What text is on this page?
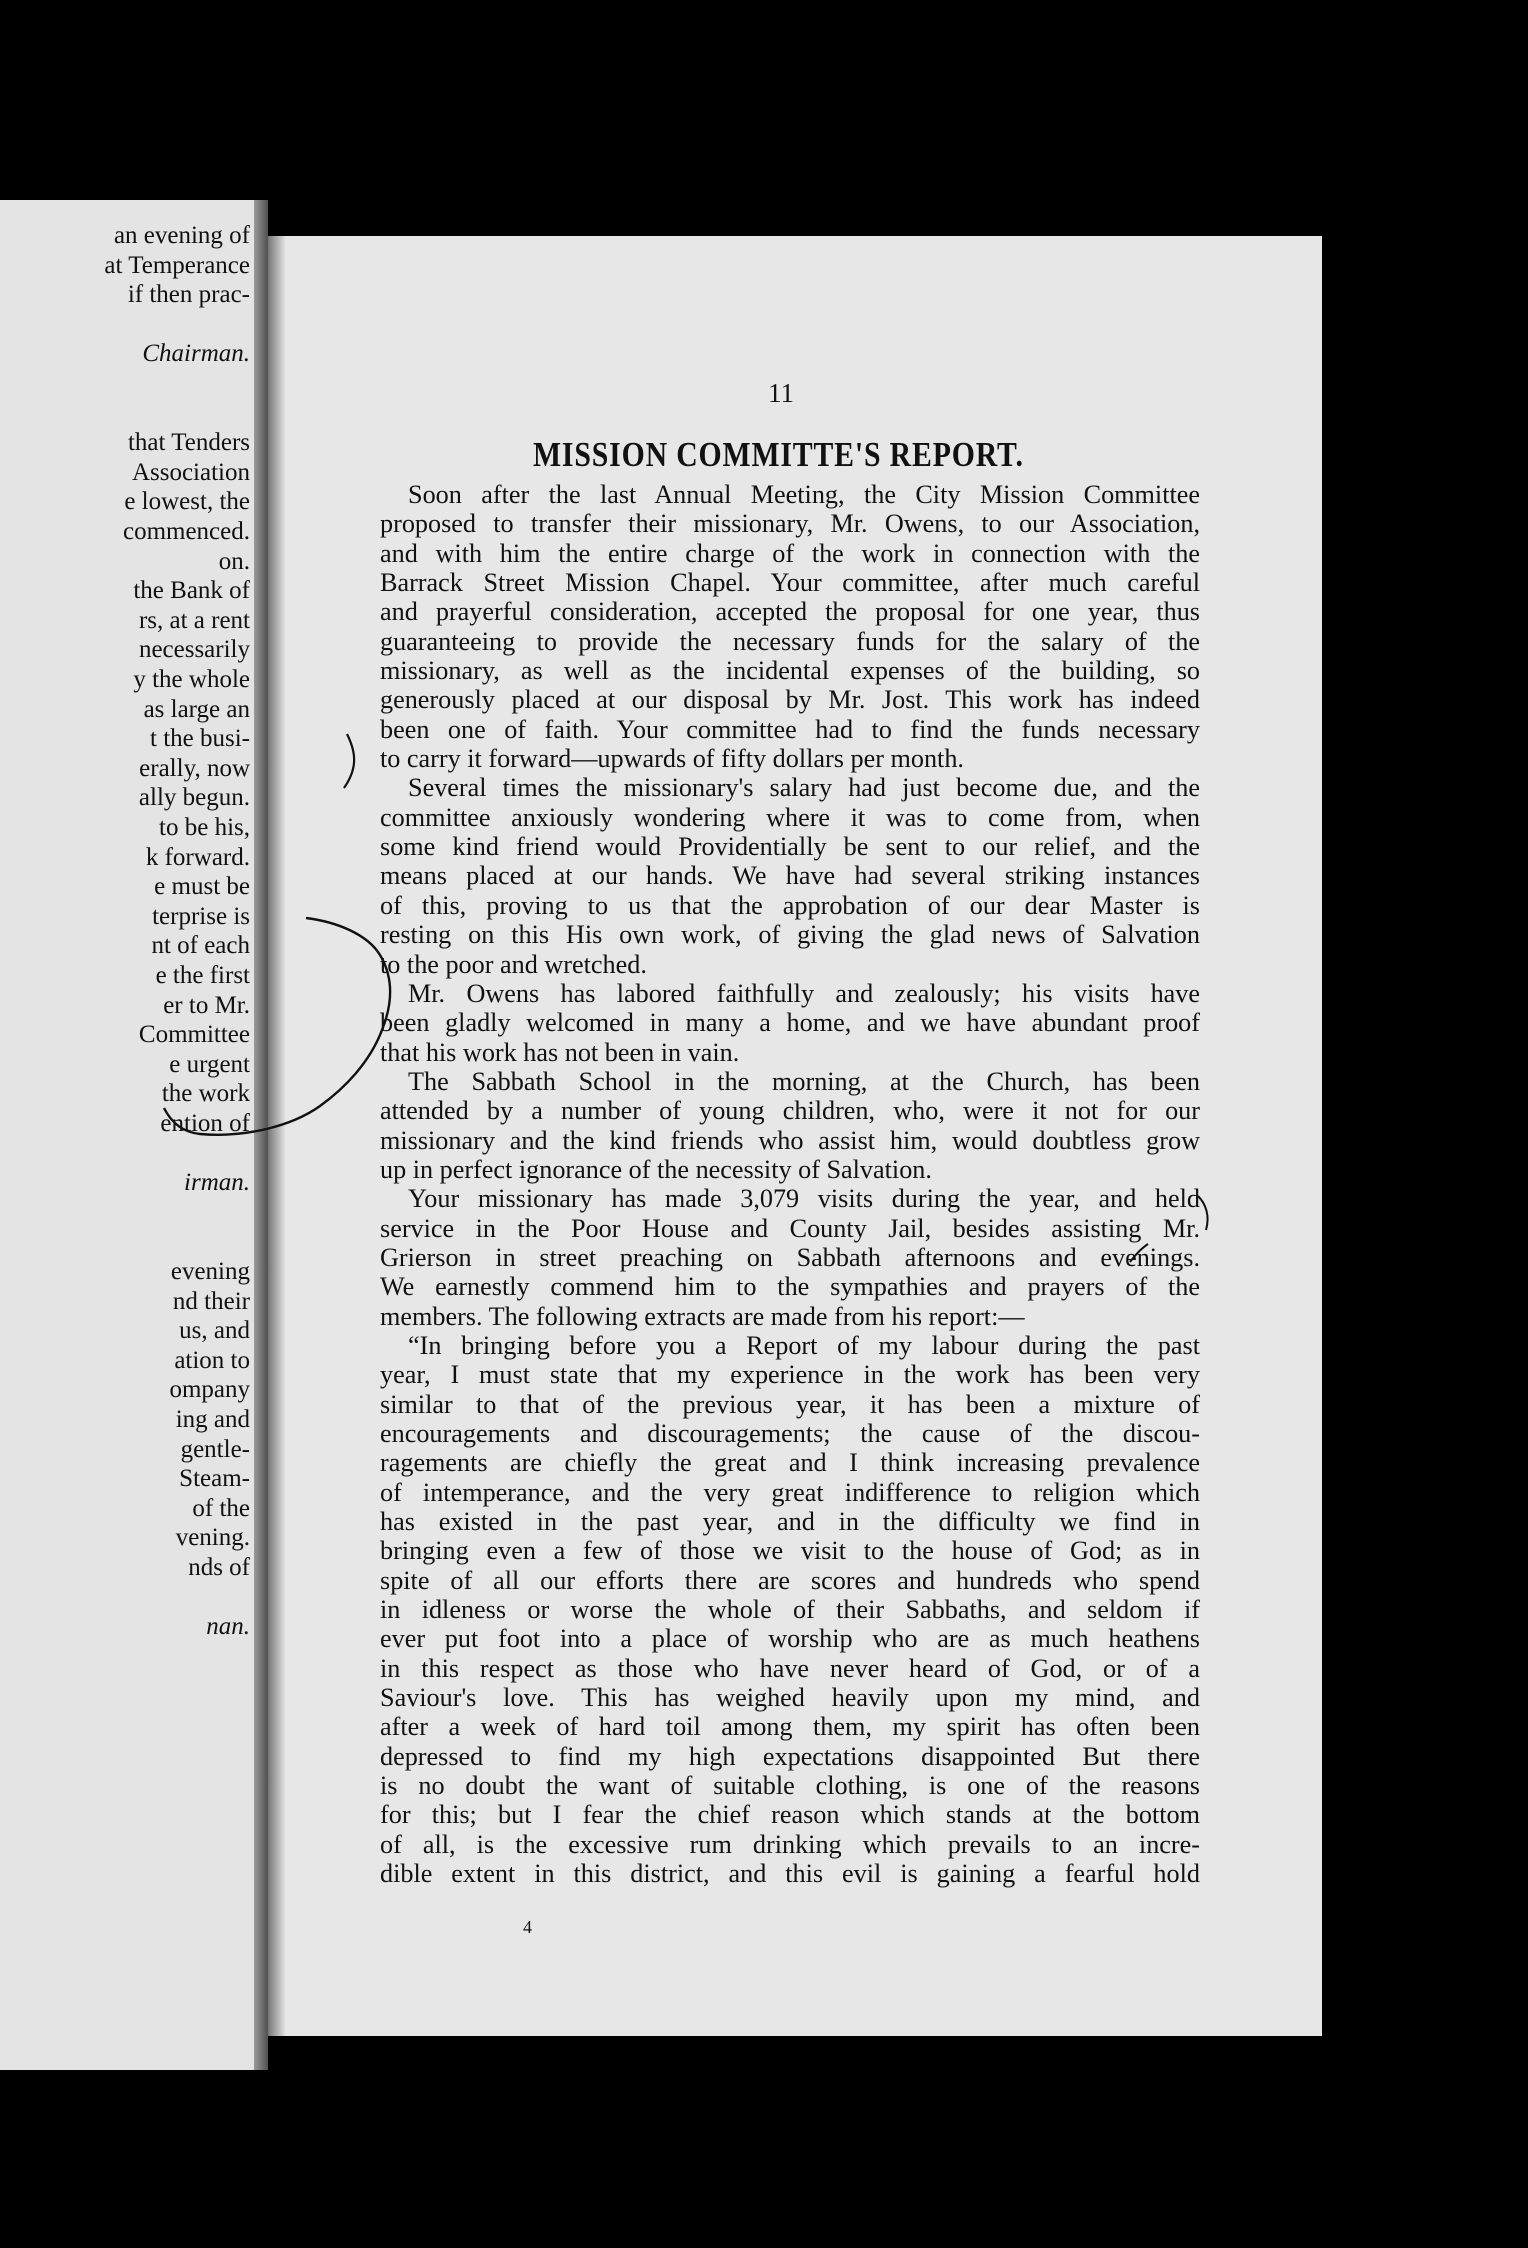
an evening of
at Temperance
if then prac-
Chairman.
that Tenders
Association
e lowest, the
commenced.
on.
the Bank of
rs, at a rent
necessarily
y the whole
as large an
t the busi-
erally, now
ally begun.
to be his,
k forward.
e must be
terprise is
nt of each
e the first
er to Mr.
Committee
e urgent
the work
ention of
irman.
evening
nd their
us, and
ation to
ompany
ing and
gentle-
Steam-
of the
vening.
nds of
nan.
11
MISSION COMMITTE'S REPORT.
Soon after the last Annual Meeting, the City Mission Committee
proposed to transfer their missionary, Mr. Owens, to our Association,
and with him the entire charge of the work in connection with the
Barrack Street Mission Chapel. Your committee, after much careful
and prayerful consideration, accepted the proposal for one year, thus
guaranteeing to provide the necessary funds for the salary of the
missionary, as well as the incidental expenses of the building, so
generously placed at our disposal by Mr. Jost. This work has indeed
been one of faith. Your committee had to find the funds necessary
to carry it forward—upwards of fifty dollars per month.
Several times the missionary's salary had just become due, and the
committee anxiously wondering where it was to come from, when
some kind friend would Providentially be sent to our relief, and the
means placed at our hands. We have had several striking instances
of this, proving to us that the approbation of our dear Master is
resting on this His own work, of giving the glad news of Salvation
to the poor and wretched.
Mr. Owens has labored faithfully and zealously; his visits have
been gladly welcomed in many a home, and we have abundant proof
that his work has not been in vain.
The Sabbath School in the morning, at the Church, has been
attended by a number of young children, who, were it not for our
missionary and the kind friends who assist him, would doubtless grow
up in perfect ignorance of the necessity of Salvation.
Your missionary has made 3,079 visits during the year, and held
service in the Poor House and County Jail, besides assisting Mr.
Grierson in street preaching on Sabbath afternoons and evenings.
We earnestly commend him to the sympathies and prayers of the
members. The following extracts are made from his report:—
“In bringing before you a Report of my labour during the past
year, I must state that my experience in the work has been very
similar to that of the previous year, it has been a mixture of
encouragements and discouragements; the cause of the discou-
ragements are chiefly the great and I think increasing prevalence
of intemperance, and the very great indifference to religion which
has existed in the past year, and in the difficulty we find in
bringing even a few of those we visit to the house of God; as in
spite of all our efforts there are scores and hundreds who spend
in idleness or worse the whole of their Sabbaths, and seldom if
ever put foot into a place of worship who are as much heathens
in this respect as those who have never heard of God, or of a
Saviour's love. This has weighed heavily upon my mind, and
after a week of hard toil among them, my spirit has often been
depressed to find my high expectations disappointed But there
is no doubt the want of suitable clothing, is one of the reasons
for this; but I fear the chief reason which stands at the bottom
of all, is the excessive rum drinking which prevails to an incre-
dible extent in this district, and this evil is gaining a fearful hold
4
